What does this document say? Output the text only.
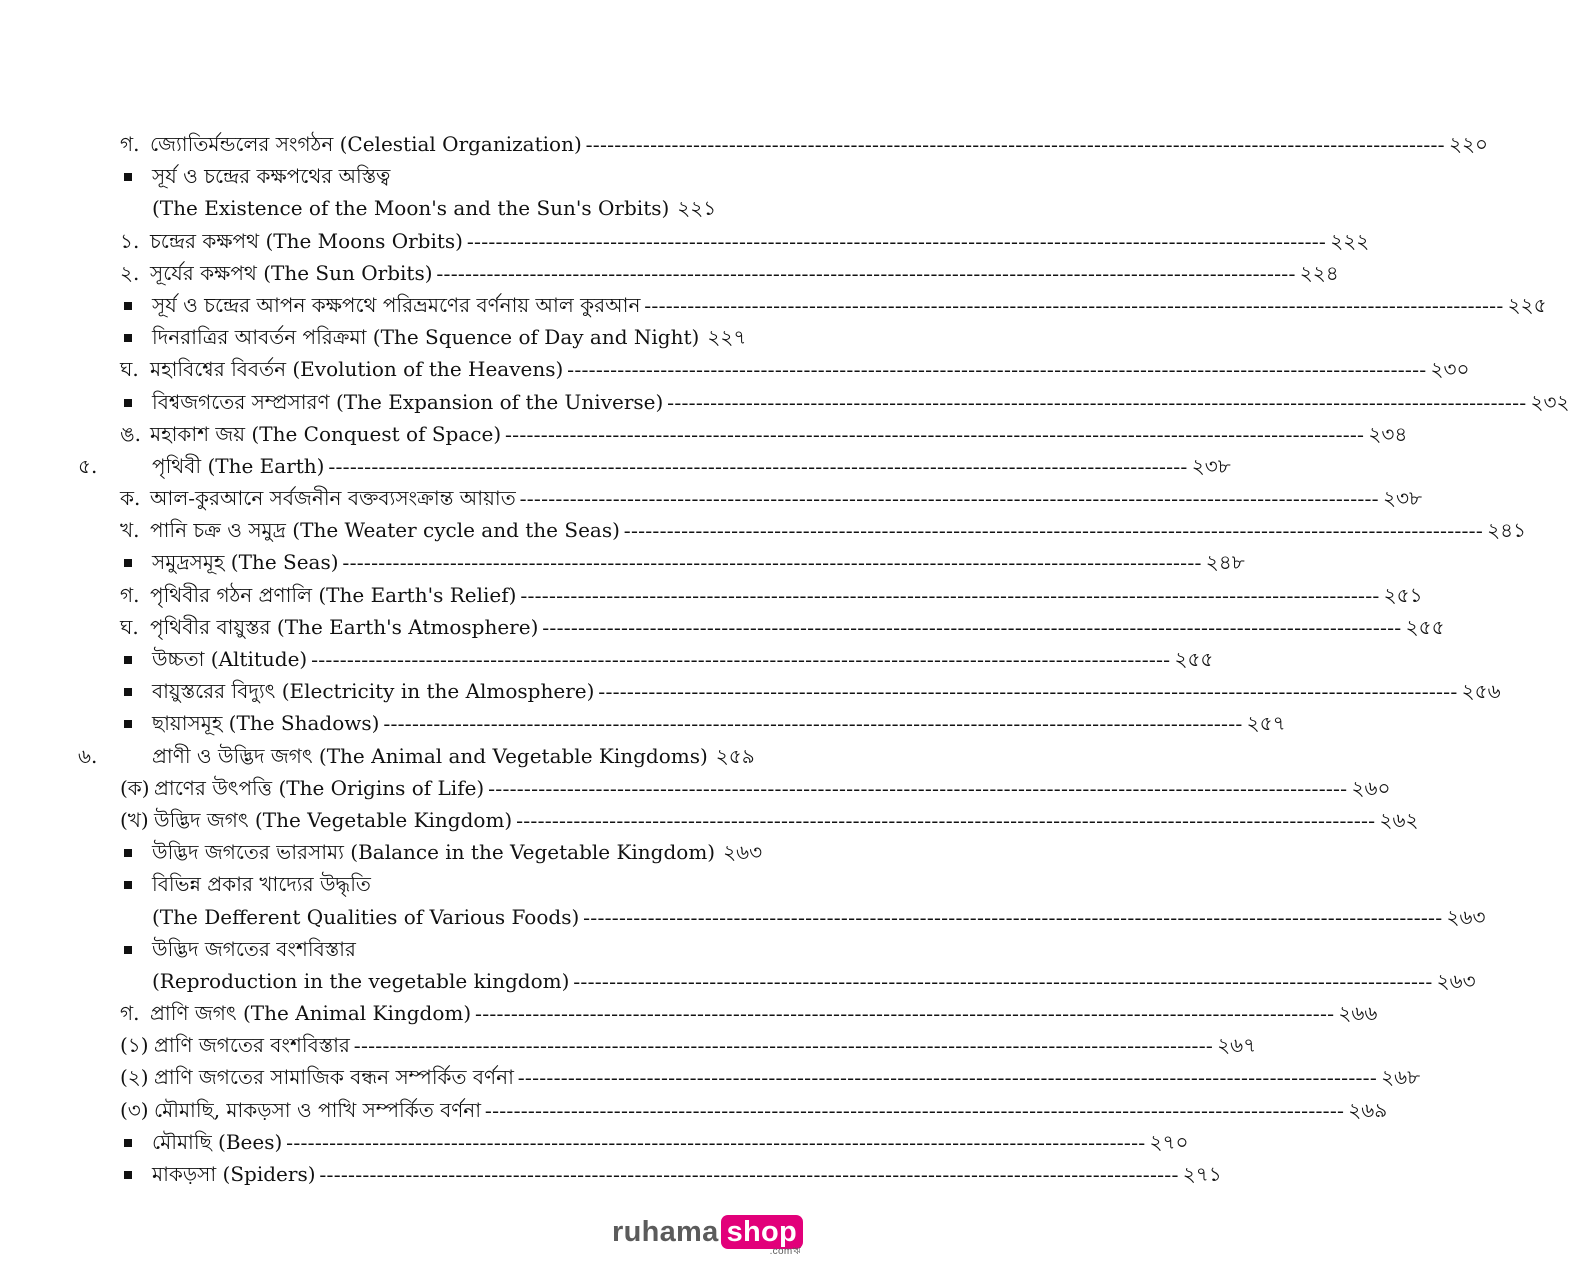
গ. জ্যোতির্মন্ডলের সংগঠন (Celestial Organization) ------------------------------------------------------------------------------------------------------------------------ ২২০
সূর্য ও চন্দ্রের কক্ষপথের অস্তিত্ব
(The Existence of the Moon's and the Sun's Orbits) ২২১
১. চন্দ্রের কক্ষপথ (The Moons Orbits) ------------------------------------------------------------------------------------------------------------------------ ২২২
২. সূর্যের কক্ষপথ (The Sun Orbits) ------------------------------------------------------------------------------------------------------------------------ ২২৪
সূর্য ও চন্দ্রের আপন কক্ষপথে পরিভ্রমণের বর্ণনায় আল কুরআন ------------------------------------------------------------------------------------------------------------------------ ২২৫
দিনরাত্রির আবর্তন পরিক্রমা (The Squence of Day and Night) ২২৭
ঘ. মহাবিশ্বের বিবর্তন (Evolution of the Heavens) ------------------------------------------------------------------------------------------------------------------------ ২৩০
বিশ্বজগতের সম্প্রসারণ (The Expansion of the Universe) ------------------------------------------------------------------------------------------------------------------------ ২৩২
ঙ. মহাকাশ জয় (The Conquest of Space) ------------------------------------------------------------------------------------------------------------------------ ২৩৪
৫.	পৃথিবী (The Earth) ------------------------------------------------------------------------------------------------------------------------ ২৩৮
ক. আল-কুরআনে সর্বজনীন বক্তব্যসংক্রান্ত আয়াত ------------------------------------------------------------------------------------------------------------------------ ২৩৮
খ. পানি চক্র ও সমুদ্র (The Weater cycle and the Seas) ------------------------------------------------------------------------------------------------------------------------ ২৪১
সমুদ্রসমূহ (The Seas) ------------------------------------------------------------------------------------------------------------------------ ২৪৮
গ. পৃথিবীর গঠন প্রণালি (The Earth's Relief) ------------------------------------------------------------------------------------------------------------------------ ২৫১
ঘ. পৃথিবীর বায়ুস্তর (The Earth's Atmosphere) ------------------------------------------------------------------------------------------------------------------------ ২৫৫
উচ্চতা (Altitude) ------------------------------------------------------------------------------------------------------------------------ ২৫৫
বায়ুস্তরের বিদ্যুৎ (Electricity in the Almosphere) ------------------------------------------------------------------------------------------------------------------------ ২৫৬
ছায়াসমূহ (The Shadows) ------------------------------------------------------------------------------------------------------------------------ ২৫৭
৬.	প্রাণী ও উদ্ভিদ জগৎ (The Animal and Vegetable Kingdoms) ২৫৯
(ক) প্রাণের উৎপত্তি (The Origins of Life) ------------------------------------------------------------------------------------------------------------------------ ২৬০
(খ) উদ্ভিদ জগৎ (The Vegetable Kingdom) ------------------------------------------------------------------------------------------------------------------------ ২৬২
উদ্ভিদ জগতের ভারসাম্য (Balance in the Vegetable Kingdom) ২৬৩
বিভিন্ন প্রকার খাদ্যের উদ্ধৃতি
(The Defferent Qualities of Various Foods) ------------------------------------------------------------------------------------------------------------------------ ২৬৩
উদ্ভিদ জগতের বংশবিস্তার
(Reproduction in the vegetable kingdom) ------------------------------------------------------------------------------------------------------------------------ ২৬৩
গ. প্রাণি জগৎ (The Animal Kingdom) ------------------------------------------------------------------------------------------------------------------------ ২৬৬
(১) প্রাণি জগতের বংশবিস্তার ------------------------------------------------------------------------------------------------------------------------ ২৬৭
(২) প্রাণি জগতের সামাজিক বন্ধন সম্পর্কিত বর্ণনা ------------------------------------------------------------------------------------------------------------------------ ২৬৮
(৩) মৌমাছি, মাকড়সা ও পাখি সম্পর্কিত বর্ণনা ------------------------------------------------------------------------------------------------------------------------ ২৬৯
মৌমাছি (Bees) ------------------------------------------------------------------------------------------------------------------------ ২৭০
মাকড়সা (Spiders) ------------------------------------------------------------------------------------------------------------------------ ২৭১
ruhama shop
.comঋ
